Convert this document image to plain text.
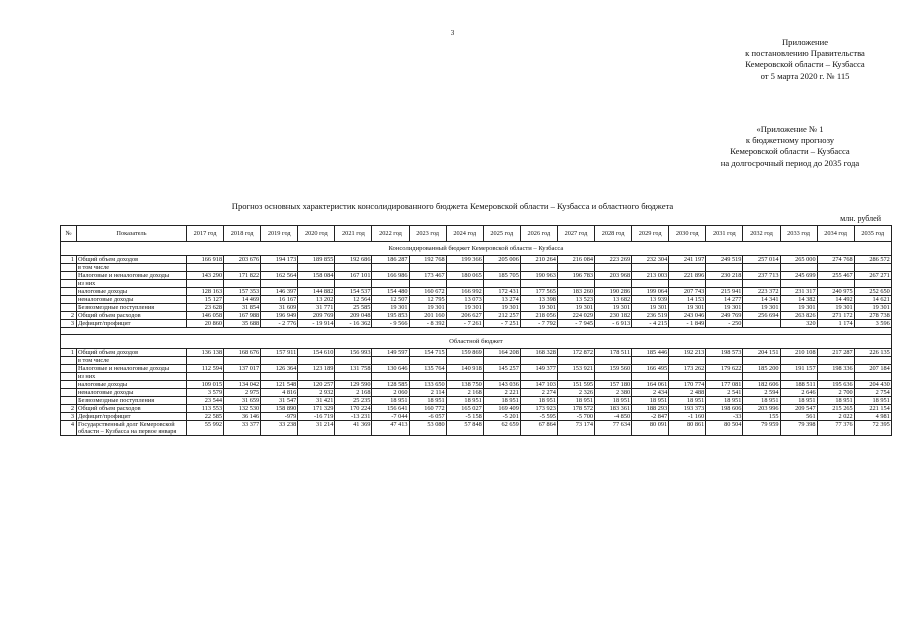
3
Приложение
к постановлению Правительства
Кемеровской области – Кузбасса
от 5 марта 2020 г. № 115
«Приложение № 1
к бюджетному прогнозу
Кемеровской области – Кузбасса
на долгосрочный период до 2035 года
Прогноз основных характеристик консолидированного бюджета Кемеровской области – Кузбасса и областного бюджета
млн. рублей
№	Показатель	2017 год	2018 год	2019 год	2020 год	2021 год	2022 год	2023 год	2024 год	2025 год	2026 год	2027 год	2028 год	2029 год	2030 год	2031 год	2032 год	2033 год	2034 год	2035 год
Консолидированный бюджет Кемеровской области – Кузбасса																				
1	Общий объем доходов	166 918	203 676	194 173	189 855	192 686	186 287	192 768	199 366	205 006	210 264	216 084	223 269	232 304	241 197	249 519	257 014	265 000	274 768	286 572
	в том числе																			
	Налоговые и неналоговые доходы	143 290	171 822	162 564	158 084	167 101	166 986	173 467	180 065	185 705	190 963	196 783	203 968	213 003	221 896	230 218	237 713	245 699	255 467	267 271
	из них																			
	налоговые доходы	128 163	157 353	146 397	144 882	154 537	154 480	160 672	166 992	172 431	177 565	183 260	190 286	199 064	207 743	215 941	223 372	231 317	240 975	252 650
	неналоговые доходы	15 127	14 469	16 167	13 202	12 564	12 507	12 795	13 073	13 274	13 398	13 523	13 682	13 939	14 153	14 277	14 341	14 382	14 492	14 621
	Безвозмездные поступления	23 628	31 854	31 609	31 771	25 585	19 301	19 301	19 301	19 301	19 301	19 301	19 301	19 301	19 301	19 301	19 301	19 301	19 301	19 301
2	Общий объем расходов	146 058	167 988	196 949	209 769	209 048	195 853	201 160	206 627	212 257	218 056	224 029	230 182	236 519	243 046	249 769	256 694	263 826	271 172	278 738
3	Дефицит/профицит	20 860	35 688	- 2 776	- 19 914	- 16 362	- 9 566	- 8 392	- 7 261	- 7 251	- 7 792	- 7 945	- 6 913	- 4 215	- 1 849	- 250		320	1 174	3 596

Областной бюджет																				
1	Общий объем доходов	136 138	168 676	157 911	154 610	156 993	149 597	154 715	159 869	164 208	168 328	172 872	178 511	185 446	192 213	198 573	204 151	210 108	217 287	226 135
	в том числе																			
	Налоговые и неналоговые доходы	112 594	137 017	126 364	123 189	131 758	130 646	135 764	140 918	145 257	149 377	153 921	159 560	166 495	173 262	179 622	185 200	191 157	198 336	207 184
	из них																			
	налоговые доходы	109 015	134 042	121 548	120 257	129 590	128 585	133 650	138 750	143 036	147 103	151 595	157 180	164 061	170 774	177 081	182 606	188 511	195 636	204 430
	неналоговые доходы	3 579	2 975	4 816	2 932	2 168	2 060	2 114	2 168	2 221	2 274	2 326	2 380	2 434	2 488	2 541	2 594	2 646	2 700	2 754
	Безвозмездные поступления	23 544	31 659	31 547	31 421	25 235	18 951	18 951	18 951	18 951	18 951	18 951	18 951	18 951	18 951	18 951	18 951	18 951	18 951	18 951
2	Общий объем расходов	113 553	132 530	158 890	171 329	170 224	156 641	160 772	165 027	169 409	173 923	178 572	183 361	188 293	193 373	198 606	203 996	209 547	215 265	221 154
3	Дефицит/профицит	22 585	36 146	-979	-16 719	-13 231	-7 044	-6 057	-5 158	-5 201	-5 595	-5 700	-4 850	-2 847	-1 160	-33	155	561	2 022	4 981
4	Государственный долг Кемеровской области – Кузбасса на первое января	55 992	33 377	33 238	31 214	41 369	47 413	53 080	57 848	62 659	67 864	73 174	77 634	80 091	80 861	80 504	79 959	79 398	77 376	72 395
